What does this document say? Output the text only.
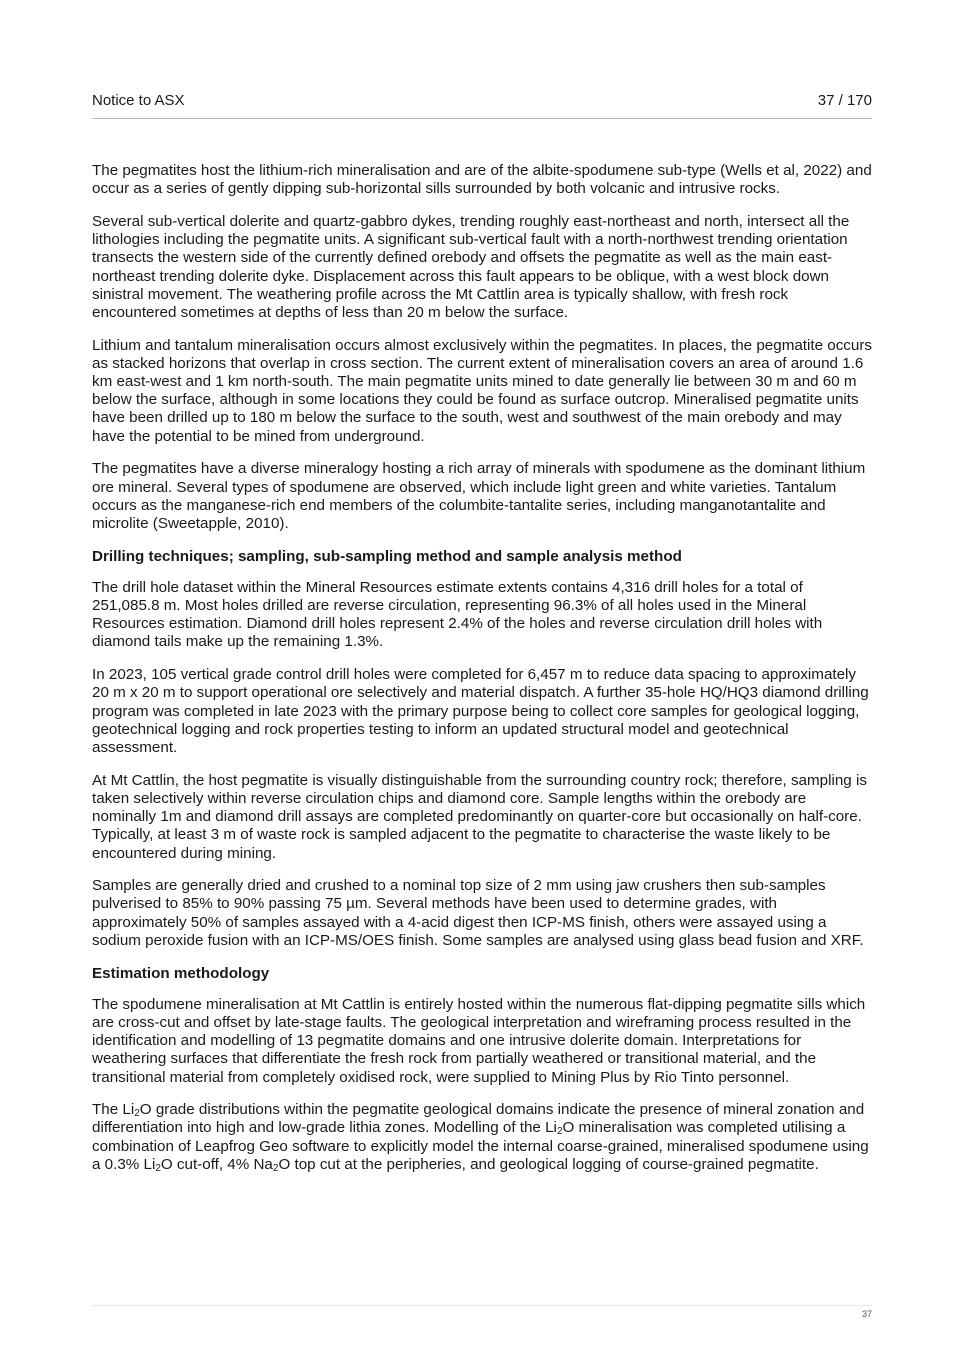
Notice to ASX	37 / 170

The pegmatites host the lithium-rich mineralisation and are of the albite-spodumene sub-type (Wells et al, 2022) and occur as a series of gently dipping sub-horizontal sills surrounded by both volcanic and intrusive rocks.

Several sub-vertical dolerite and quartz-gabbro dykes, trending roughly east-northeast and north, intersect all the lithologies including the pegmatite units. A significant sub-vertical fault with a north-northwest trending orientation transects the western side of the currently defined orebody and offsets the pegmatite as well as the main east-northeast trending dolerite dyke. Displacement across this fault appears to be oblique, with a west block down sinistral movement. The weathering profile across the Mt Cattlin area is typically shallow, with fresh rock encountered sometimes at depths of less than 20 m below the surface.

Lithium and tantalum mineralisation occurs almost exclusively within the pegmatites. In places, the pegmatite occurs as stacked horizons that overlap in cross section. The current extent of mineralisation covers an area of around 1.6 km east-west and 1 km north-south. The main pegmatite units mined to date generally lie between 30 m and 60 m below the surface, although in some locations they could be found as surface outcrop. Mineralised pegmatite units have been drilled up to 180 m below the surface to the south, west and southwest of the main orebody and may have the potential to be mined from underground.

The pegmatites have a diverse mineralogy hosting a rich array of minerals with spodumene as the dominant lithium ore mineral. Several types of spodumene are observed, which include light green and white varieties. Tantalum occurs as the manganese-rich end members of the columbite-tantalite series, including manganotantalite and microlite (Sweetapple, 2010).

Drilling techniques; sampling, sub-sampling method and sample analysis method

The drill hole dataset within the Mineral Resources estimate extents contains 4,316 drill holes for a total of 251,085.8 m. Most holes drilled are reverse circulation, representing 96.3% of all holes used in the Mineral Resources estimation. Diamond drill holes represent 2.4% of the holes and reverse circulation drill holes with diamond tails make up the remaining 1.3%.

In 2023, 105 vertical grade control drill holes were completed for 6,457 m to reduce data spacing to approximately 20 m x 20 m to support operational ore selectively and material dispatch. A further 35-hole HQ/HQ3 diamond drilling program was completed in late 2023 with the primary purpose being to collect core samples for geological logging, geotechnical logging and rock properties testing to inform an updated structural model and geotechnical assessment.

At Mt Cattlin, the host pegmatite is visually distinguishable from the surrounding country rock; therefore, sampling is taken selectively within reverse circulation chips and diamond core. Sample lengths within the orebody are nominally 1m and diamond drill assays are completed predominantly on quarter-core but occasionally on half-core. Typically, at least 3 m of waste rock is sampled adjacent to the pegmatite to characterise the waste likely to be encountered during mining.

Samples are generally dried and crushed to a nominal top size of 2 mm using jaw crushers then sub-samples pulverised to 85% to 90% passing 75 µm. Several methods have been used to determine grades, with approximately 50% of samples assayed with a 4-acid digest then ICP-MS finish, others were assayed using a sodium peroxide fusion with an ICP-MS/OES finish. Some samples are analysed using glass bead fusion and XRF.

Estimation methodology

The spodumene mineralisation at Mt Cattlin is entirely hosted within the numerous flat-dipping pegmatite sills which are cross-cut and offset by late-stage faults. The geological interpretation and wireframing process resulted in the identification and modelling of 13 pegmatite domains and one intrusive dolerite domain. Interpretations for weathering surfaces that differentiate the fresh rock from partially weathered or transitional material, and the transitional material from completely oxidised rock, were supplied to Mining Plus by Rio Tinto personnel.

The $Li_2O$ grade distributions within the pegmatite geological domains indicate the presence of mineral zonation and differentiation into high and low-grade lithia zones. Modelling of the $Li_2O$ mineralisation was completed utilising a combination of Leapfrog Geo software to explicitly model the internal coarse-grained, mineralised spodumene using a 0.3% $Li_2O$ cut-off, 4% $Na_2O$ top cut at the peripheries, and geological logging of course-grained pegmatite.

37
